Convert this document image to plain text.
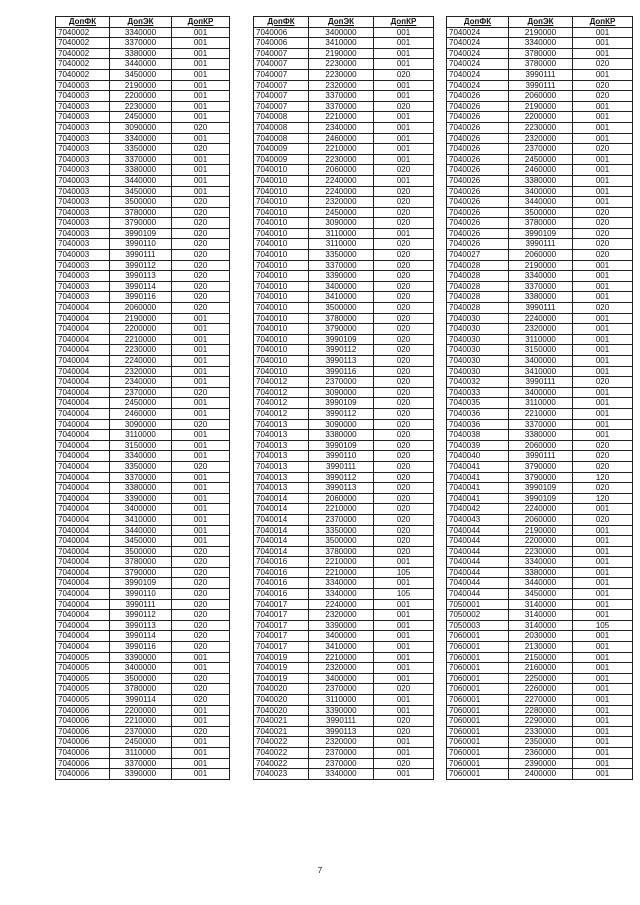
ДопФК	ДопЭК	ДопКР
7040002	3340000	001
7040002	3370000	001
7040002	3380000	001
7040002	3440000	001
7040002	3450000	001
7040003	2190000	001
7040003	2200000	001
7040003	2230000	001
7040003	2450000	001
7040003	3090000	020
7040003	3340000	001
7040003	3350000	020
7040003	3370000	001
7040003	3380000	001
7040003	3440000	001
7040003	3450000	001
7040003	3500000	020
7040003	3780000	020
7040003	3790000	020
7040003	3990109	020
7040003	3990110	020
7040003	3990111	020
7040003	3990112	020
7040003	3990113	020
7040003	3990114	020
7040003	3990116	020
7040004	2060000	020
7040004	2190000	001
7040004	2200000	001
7040004	2210000	001
7040004	2230000	001
7040004	2240000	001
7040004	2320000	001
7040004	2340000	001
7040004	2370000	020
7040004	2450000	001
7040004	2460000	001
7040004	3090000	020
7040004	3110000	001
7040004	3150000	001
7040004	3340000	001
7040004	3350000	020
7040004	3370000	001
7040004	3380000	001
7040004	3390000	001
7040004	3400000	001
7040004	3410000	001
7040004	3440000	001
7040004	3450000	001
7040004	3500000	020
7040004	3780000	020
7040004	3790000	020
7040004	3990109	020
7040004	3990110	020
7040004	3990111	020
7040004	3990112	020
7040004	3990113	020
7040004	3990114	020
7040004	3990116	020
7040005	3390000	001
7040005	3400000	001
7040005	3500000	020
7040005	3780000	020
7040005	3990114	020
7040006	2200000	001
7040006	2210000	001
7040006	2370000	020
7040006	2450000	001
7040006	3110000	001
7040006	3370000	001
7040006	3390000	001
ДопФК	ДопЭК	ДопКР
7040006	3400000	001
7040006	3410000	001
7040007	2190000	001
7040007	2230000	001
7040007	2230000	020
7040007	2320000	001
7040007	3370000	001
7040007	3370000	020
7040008	2210000	001
7040008	2340000	001
7040008	2460000	001
7040009	2210000	001
7040009	2230000	001
7040010	2060000	020
7040010	2240000	001
7040010	2240000	020
7040010	2320000	020
7040010	2450000	020
7040010	3090000	020
7040010	3110000	001
7040010	3110000	020
7040010	3350000	020
7040010	3370000	020
7040010	3390000	020
7040010	3400000	020
7040010	3410000	020
7040010	3500000	020
7040010	3780000	020
7040010	3790000	020
7040010	3990109	020
7040010	3990112	020
7040010	3990113	020
7040010	3990116	020
7040012	2370000	020
7040012	3090000	020
7040012	3990109	020
7040012	3990112	020
7040013	3090000	020
7040013	3380000	020
7040013	3990109	020
7040013	3990110	020
7040013	3990111	020
7040013	3990112	020
7040013	3990113	020
7040014	2060000	020
7040014	2210000	020
7040014	2370000	020
7040014	3350000	020
7040014	3500000	020
7040014	3780000	020
7040016	2210000	001
7040016	2210000	105
7040016	3340000	001
7040016	3340000	105
7040017	2240000	001
7040017	2320000	001
7040017	3390000	001
7040017	3400000	001
7040017	3410000	001
7040019	2210000	001
7040019	2320000	001
7040019	3400000	001
7040020	2370000	020
7040020	3110000	001
7040020	3390000	001
7040021	3990111	020
7040021	3990113	020
7040022	2320000	001
7040022	2370000	001
7040022	2370000	020
7040023	3340000	001
ДопФК	ДопЭК	ДопКР
7040024	2190000	001
7040024	3340000	001
7040024	3780000	001
7040024	3780000	020
7040024	3990111	001
7040024	3990111	020
7040026	2060000	020
7040026	2190000	001
7040026	2200000	001
7040026	2230000	001
7040026	2320000	001
7040026	2370000	020
7040026	2450000	001
7040026	2460000	001
7040026	3380000	001
7040026	3400000	001
7040026	3440000	001
7040026	3500000	020
7040026	3780000	020
7040026	3990109	020
7040026	3990111	020
7040027	2060000	020
7040028	2190000	001
7040028	3340000	001
7040028	3370000	001
7040028	3380000	001
7040028	3990111	020
7040030	2240000	001
7040030	2320000	001
7040030	3110000	001
7040030	3150000	001
7040030	3400000	001
7040030	3410000	001
7040032	3990111	020
7040033	3400000	001
7040035	3110000	001
7040036	2210000	001
7040036	3370000	001
7040038	3380000	001
7040039	2060000	020
7040040	3990111	020
7040041	3790000	020
7040041	3790000	120
7040041	3990109	020
7040041	3990109	120
7040042	2240000	001
7040043	2060000	020
7040044	2190000	001
7040044	2200000	001
7040044	2230000	001
7040044	3340000	001
7040044	3380000	001
7040044	3440000	001
7040044	3450000	001
7050001	3140000	001
7050002	3140000	001
7050003	3140000	105
7060001	2030000	001
7060001	2130000	001
7060001	2150000	001
7060001	2160000	001
7060001	2250000	001
7060001	2260000	001
7060001	2270000	001
7060001	2280000	001
7060001	2290000	001
7060001	2330000	001
7060001	2350000	001
7060001	2360000	001
7060001	2390000	001
7060001	2400000	001
7
